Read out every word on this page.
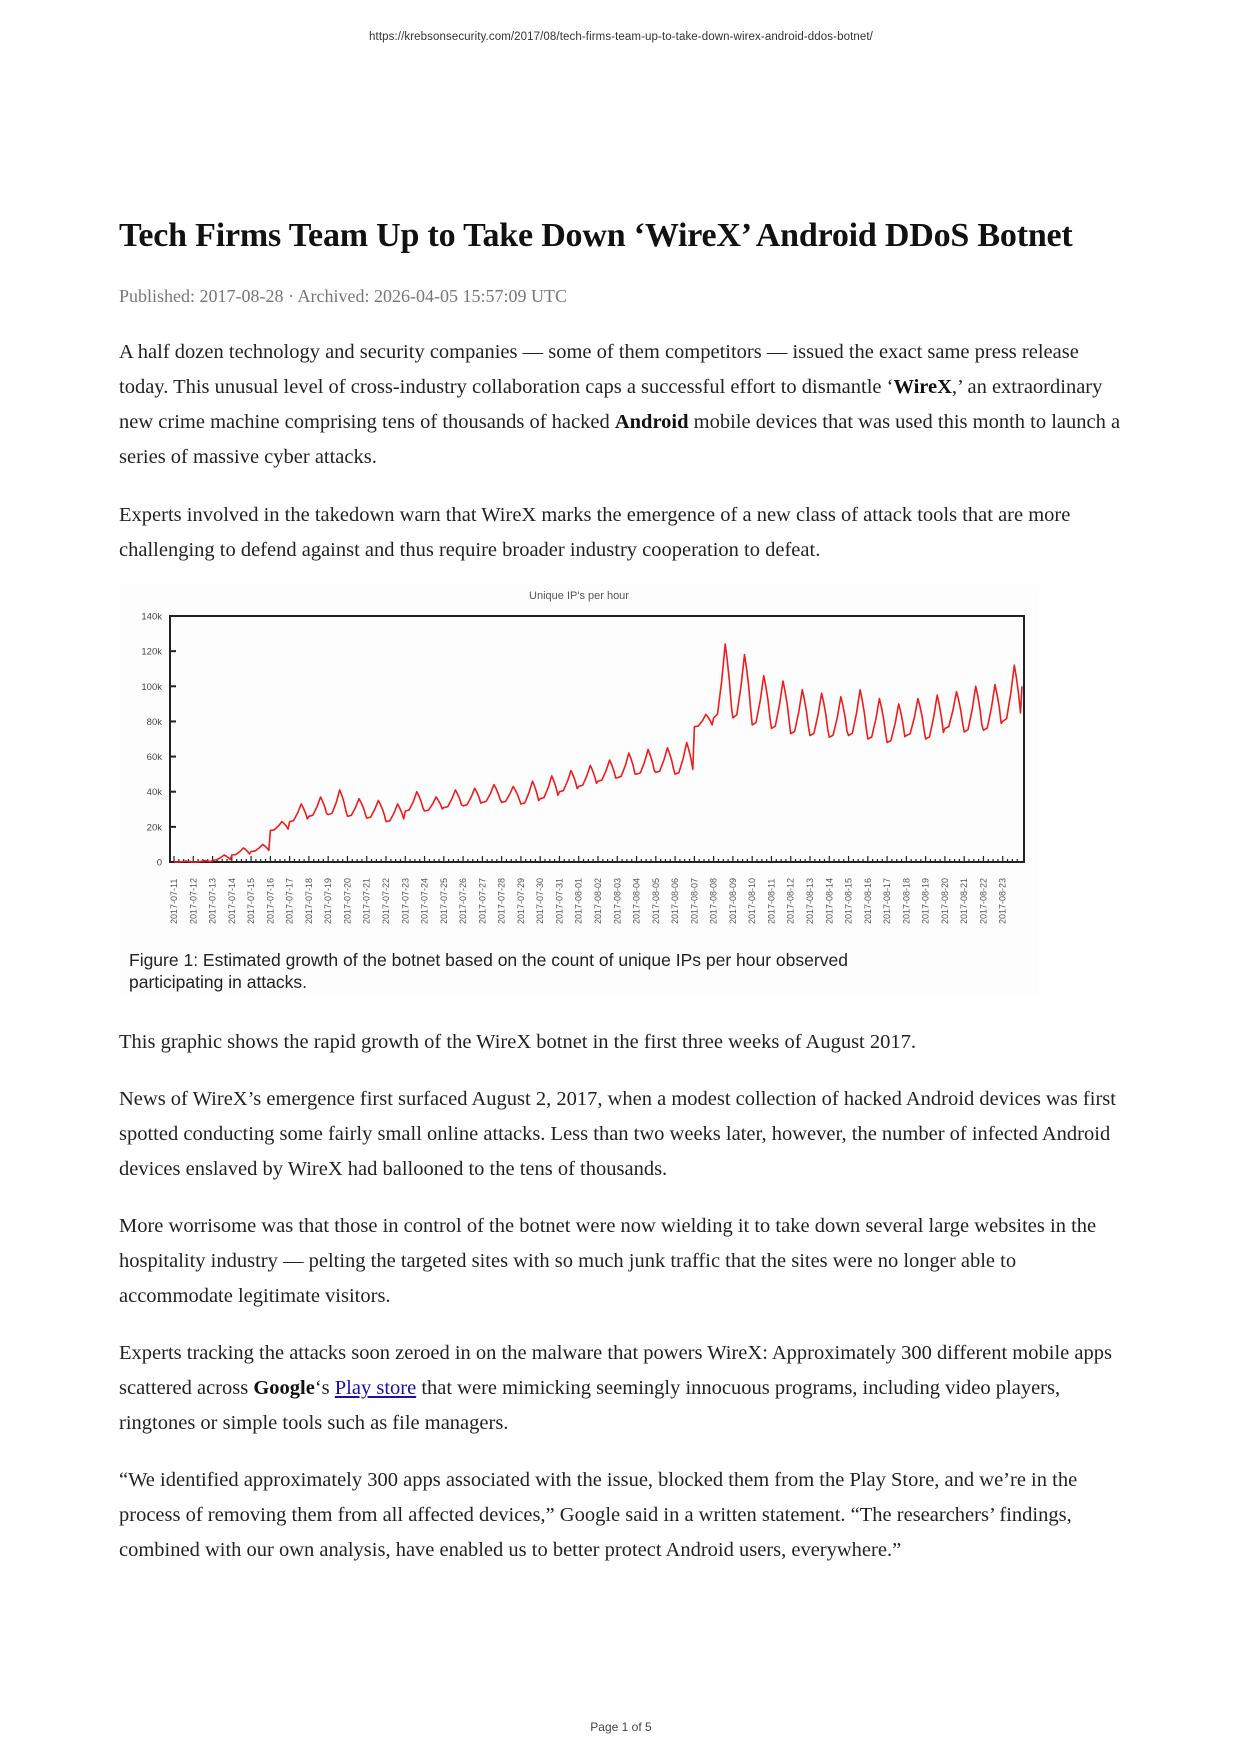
https://krebsonsecurity.com/2017/08/tech-firms-team-up-to-take-down-wirex-android-ddos-botnet/
Tech Firms Team Up to Take Down ‘WireX’ Android DDoS Botnet
Published: 2017-08-28 · Archived: 2026-04-05 15:57:09 UTC

A half dozen technology and security companies — some of them competitors — issued the exact same press release today. This unusual level of cross-industry collaboration caps a successful effort to dismantle ‘WireX,’ an extraordinary new crime machine comprising tens of thousands of hacked Android mobile devices that was used this month to launch a series of massive cyber attacks.

Experts involved in the takedown warn that WireX marks the emergence of a new class of attack tools that are more challenging to defend against and thus require broader industry cooperation to defeat.

Unique IP's per hour
0
20k
40k
60k
80k
100k
120k
140k
2017-07-11 2017-07-12 2017-07-13 2017-07-14 2017-07-15 2017-07-16 2017-07-17 2017-07-18 2017-07-19 2017-07-20 2017-07-21 2017-07-22 2017-07-23 2017-07-24 2017-07-25 2017-07-26 2017-07-27 2017-07-28 2017-07-29 2017-07-30 2017-07-31 2017-08-01 2017-08-02 2017-08-03 2017-08-04 2017-08-05 2017-08-06 2017-08-07 2017-08-08 2017-08-09 2017-08-10 2017-08-11 2017-08-12 2017-08-13 2017-08-14 2017-08-15 2017-08-16 2017-08-17 2017-08-18 2017-08-19 2017-08-20 2017-08-21 2017-08-22 2017-08-23
Figure 1: Estimated growth of the botnet based on the count of unique IPs per hour observed participating in attacks.

This graphic shows the rapid growth of the WireX botnet in the first three weeks of August 2017.

News of WireX’s emergence first surfaced August 2, 2017, when a modest collection of hacked Android devices was first spotted conducting some fairly small online attacks. Less than two weeks later, however, the number of infected Android devices enslaved by WireX had ballooned to the tens of thousands.

More worrisome was that those in control of the botnet were now wielding it to take down several large websites in the hospitality industry — pelting the targeted sites with so much junk traffic that the sites were no longer able to accommodate legitimate visitors.

Experts tracking the attacks soon zeroed in on the malware that powers WireX: Approximately 300 different mobile apps scattered across Google‘s Play store that were mimicking seemingly innocuous programs, including video players, ringtones or simple tools such as file managers.

“We identified approximately 300 apps associated with the issue, blocked them from the Play Store, and we’re in the process of removing them from all affected devices,” Google said in a written statement. “The researchers’ findings, combined with our own analysis, have enabled us to better protect Android users, everywhere.”

Page 1 of 5
